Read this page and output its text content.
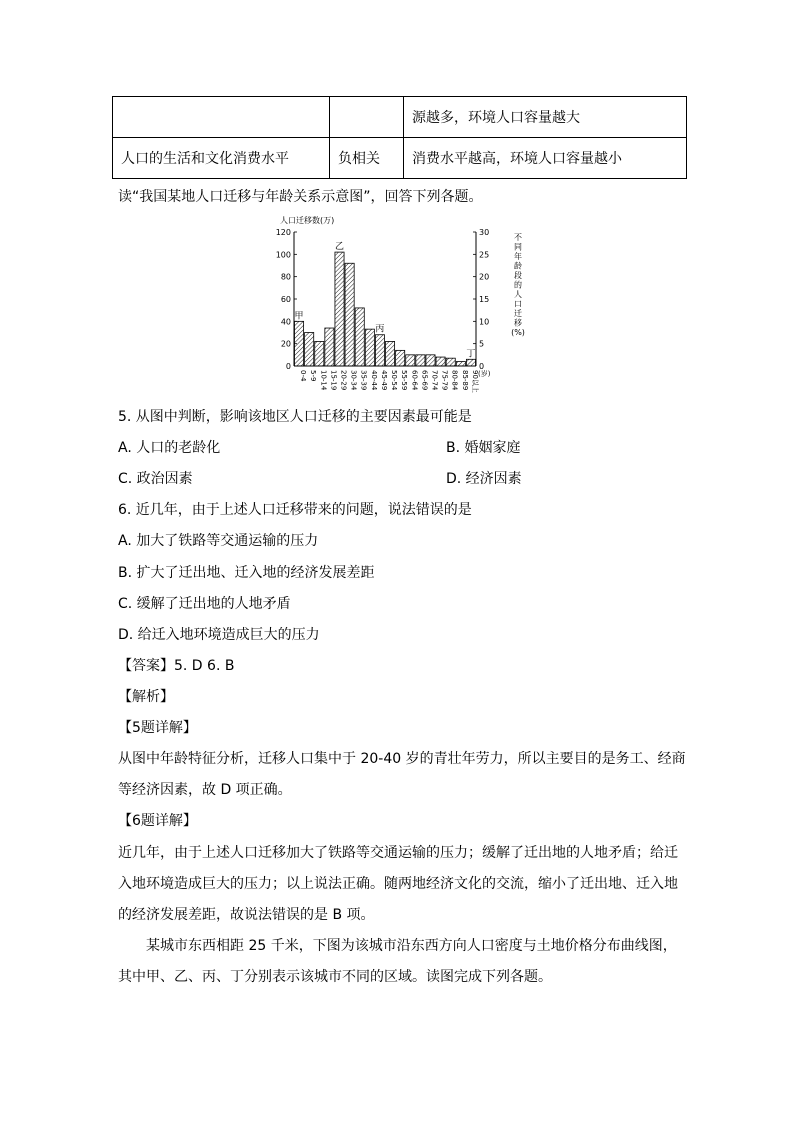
		源越多，环境人口容量越大
人口的生活和文化消费水平	负相关	消费水平越高，环境人口容量越小
读“我国某地人口迁移与年龄关系示意图”，回答下列各题。
人口迁移数(万)
0
20
40
60
80
100
120
0
5
10
15
20
25
30
甲
乙
丙
丁
0-4 5-9 10-14 15-19 20-29 30-34 35-39 40-44 45-49 50-54 55-59 60-64 65-69 70-74 75-79 80-84 85-89 90以上 (岁)
不
同
年
龄
段
的
人
口
迁
移
(%)
5. 从图中判断，影响该地区人口迁移的主要因素最可能是
A. 人口的老龄化	B. 婚姻家庭
C. 政治因素	D. 经济因素
6. 近几年，由于上述人口迁移带来的问题，说法错误的是
A. 加大了铁路等交通运输的压力
B. 扩大了迁出地、迁入地的经济发展差距
C. 缓解了迁出地的人地矛盾
D. 给迁入地环境造成巨大的压力
【答案】5. D 6. B
【解析】
【5题详解】
从图中年龄特征分析，迁移人口集中于 20-40 岁的青壮年劳力，所以主要目的是务工、经商
等经济因素，故 D 项正确。
【6题详解】
近几年，由于上述人口迁移加大了铁路等交通运输的压力；缓解了迁出地的人地矛盾；给迁
入地环境造成巨大的压力；以上说法正确。随两地经济文化的交流，缩小了迁出地、迁入地
的经济发展差距，故说法错误的是 B 项。
某城市东西相距 25 千米，下图为该城市沿东西方向人口密度与土地价格分布曲线图，
其中甲、乙、丙、丁分别表示该城市不同的区域。读图完成下列各题。
